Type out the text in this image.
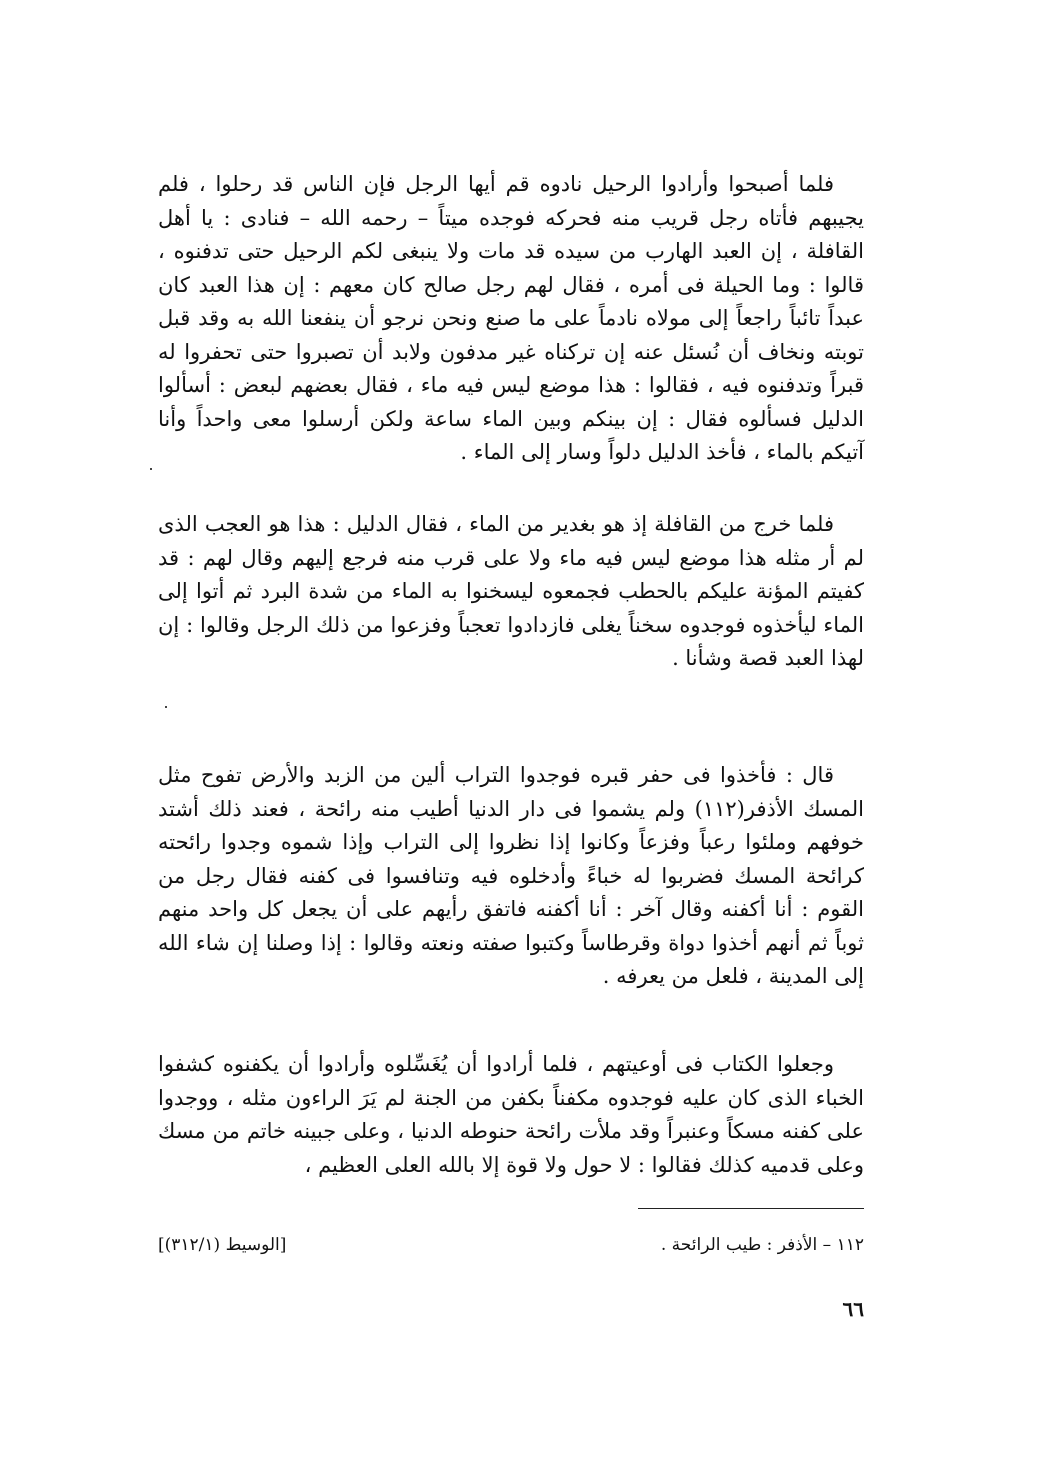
فلما أصبحوا وأرادوا الرحيل نادوه قم أيها الرجل فإن الناس قد رحلوا ، فلم يجيبهم فأتاه رجل قريب منه فحركه فوجده ميتاً – رحمه الله – فنادى : يا أهل القافلة ، إن العبد الهارب من سيده قد مات ولا ينبغى لكم الرحيل حتى تدفنوه ، قالوا : وما الحيلة فى أمره ، فقال لهم رجل صالح كان معهم : إن هذا العبد كان عبداً تائباً راجعاً إلى مولاه نادماً على ما صنع ونحن نرجو أن ينفعنا الله به وقد قبل توبته ونخاف أن نُسئل عنه إن تركناه غير مدفون ولابد أن تصبروا حتى تحفروا له قبراً وتدفنوه فيه ، فقالوا : هذا موضع ليس فيه ماء ، فقال بعضهم لبعض : أسألوا الدليل فسألوه فقال : إن بينكم وبين الماء ساعة ولكن أرسلوا معى واحداً وأنا آتيكم بالماء ، فأخذ الدليل دلواً وسار إلى الماء .

فلما خرج من القافلة إذ هو بغدير من الماء ، فقال الدليل : هذا هو العجب الذى لم أر مثله هذا موضع ليس فيه ماء ولا على قرب منه فرجع إليهم وقال لهم : قد كفيتم المؤنة عليكم بالحطب فجمعوه ليسخنوا به الماء من شدة البرد ثم أتوا إلى الماء ليأخذوه فوجدوه سخناً يغلى فازدادوا تعجباً وفزعوا من ذلك الرجل وقالوا : إن لهذا العبد قصة وشأنا .

قال : فأخذوا فى حفر قبره فوجدوا التراب ألين من الزبد والأرض تفوح مثل المسك الأذفر(١١٢) ولم يشموا فى دار الدنيا أطيب منه رائحة ، فعند ذلك أشتد خوفهم وملئوا رعباً وفزعاً وكانوا إذا نظروا إلى التراب وإذا شموه وجدوا رائحته كرائحة المسك فضربوا له خباءً وأدخلوه فيه وتنافسوا فى كفنه فقال رجل من القوم : أنا أكفنه وقال آخر : أنا أكفنه فاتفق رأيهم على أن يجعل كل واحد منهم ثوباً ثم أنهم أخذوا دواة وقرطاساً وكتبوا صفته ونعته وقالوا : إذا وصلنا إن شاء الله إلى المدينة ، فلعل من يعرفه .

وجعلوا الكتاب فى أوعيتهم ، فلما أرادوا أن يُغَسِّلوه وأرادوا أن يكفنوه كشفوا الخباء الذى كان عليه فوجدوه مكفناً بكفن من الجنة لم يَرَ الراءون مثله ، ووجدوا على كفنه مسكاً وعنبراً وقد ملأت رائحة حنوطه الدنيا ، وعلى جبينه خاتم من مسك وعلى قدميه كذلك فقالوا : لا حول ولا قوة إلا بالله العلى العظيم ،

١١٢ – الأذفر : طيب الرائحة .
[الوسيط (٣١٢/١)]
٦٦
